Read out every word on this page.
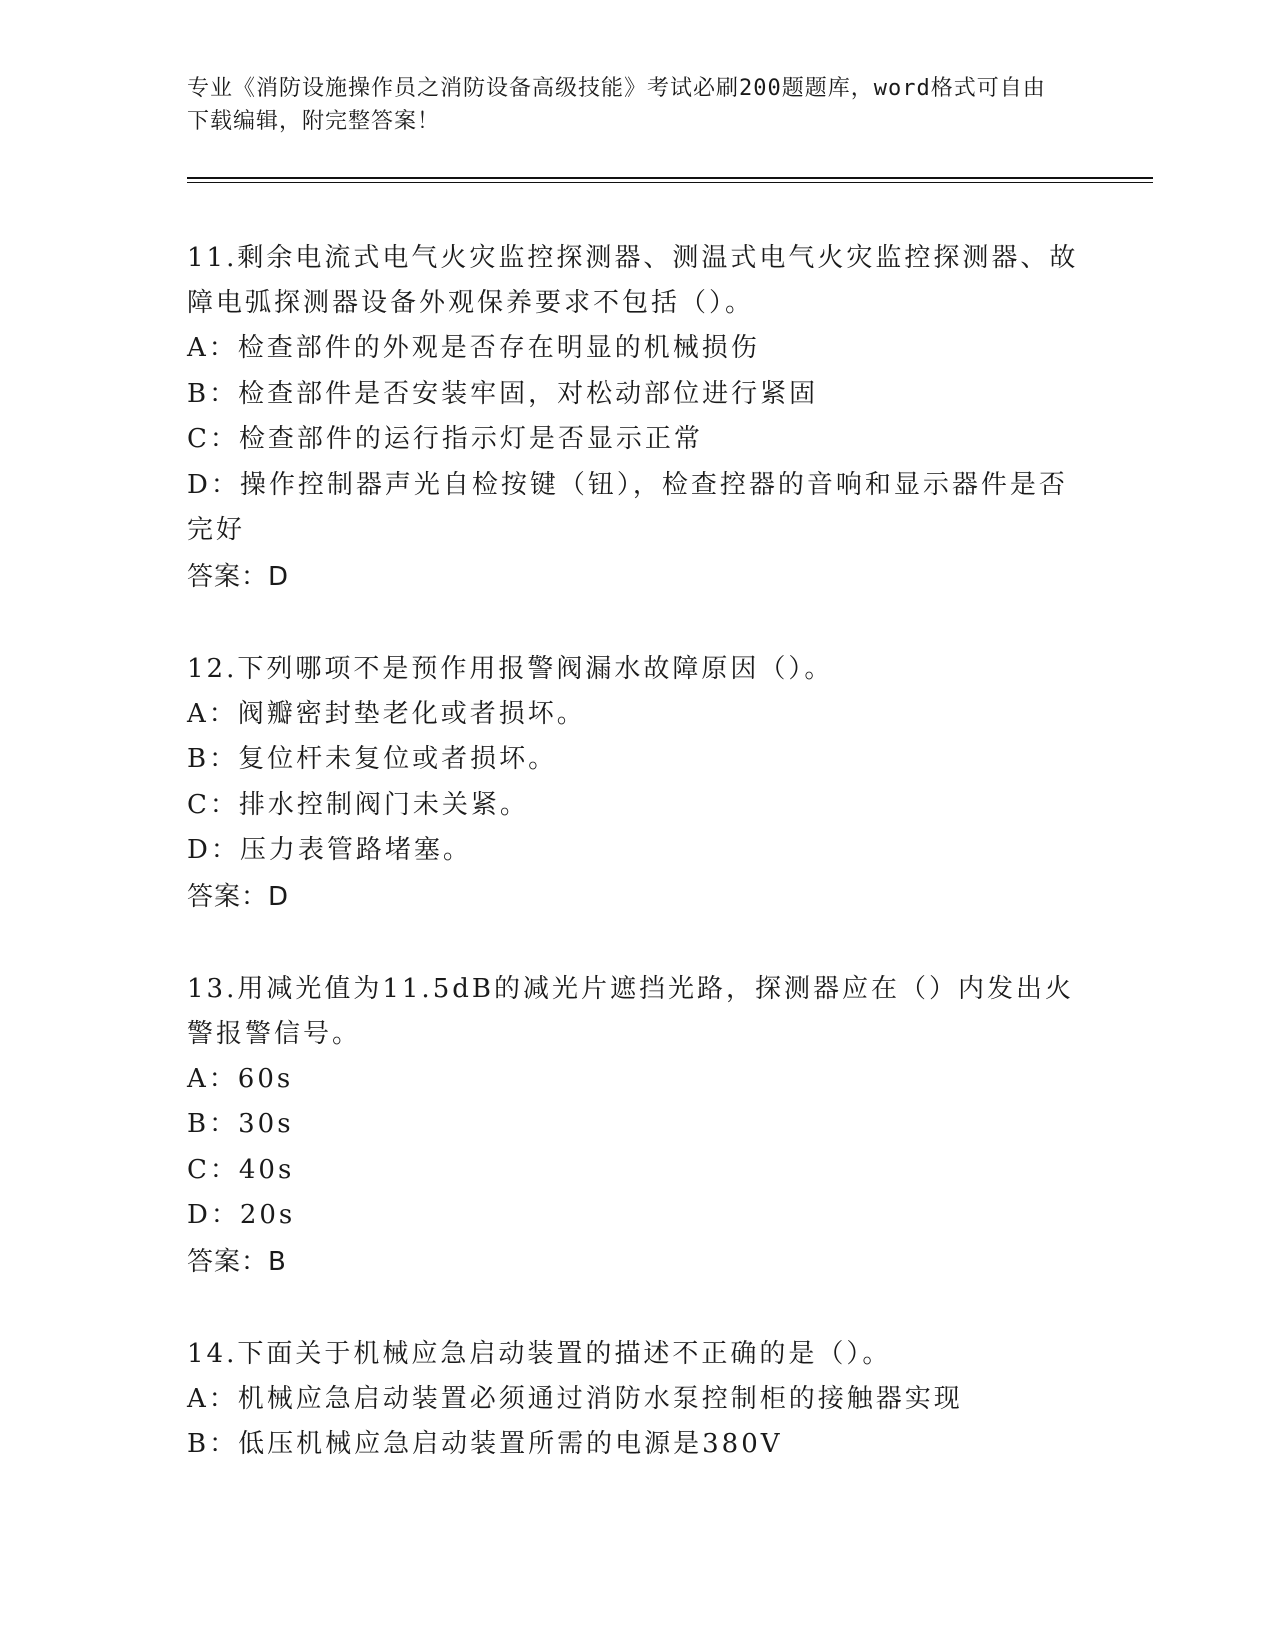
专业《消防设施操作员之消防设备高级技能》考试必刷200题题库，word格式可自由下载编辑，附完整答案！
11.剩余电流式电气火灾监控探测器、测温式电气火灾监控探测器、故障电弧探测器设备外观保养要求不包括（）。
A：检查部件的外观是否存在明显的机械损伤
B：检查部件是否安装牢固，对松动部位进行紧固
C：检查部件的运行指示灯是否显示正常
D：操作控制器声光自检按键（钮），检查控器的音响和显示器件是否完好
答案：D
12.下列哪项不是预作用报警阀漏水故障原因（）。
A：阀瓣密封垫老化或者损坏。
B：复位杆未复位或者损坏。
C：排水控制阀门未关紧。
D：压力表管路堵塞。
答案：D
13.用减光值为11.5dB的减光片遮挡光路，探测器应在（）内发出火警报警信号。
A：60s
B：30s
C：40s
D：20s
答案：B
14.下面关于机械应急启动装置的描述不正确的是（）。
A：机械应急启动装置必须通过消防水泵控制柜的接触器实现
B：低压机械应急启动装置所需的电源是380V
